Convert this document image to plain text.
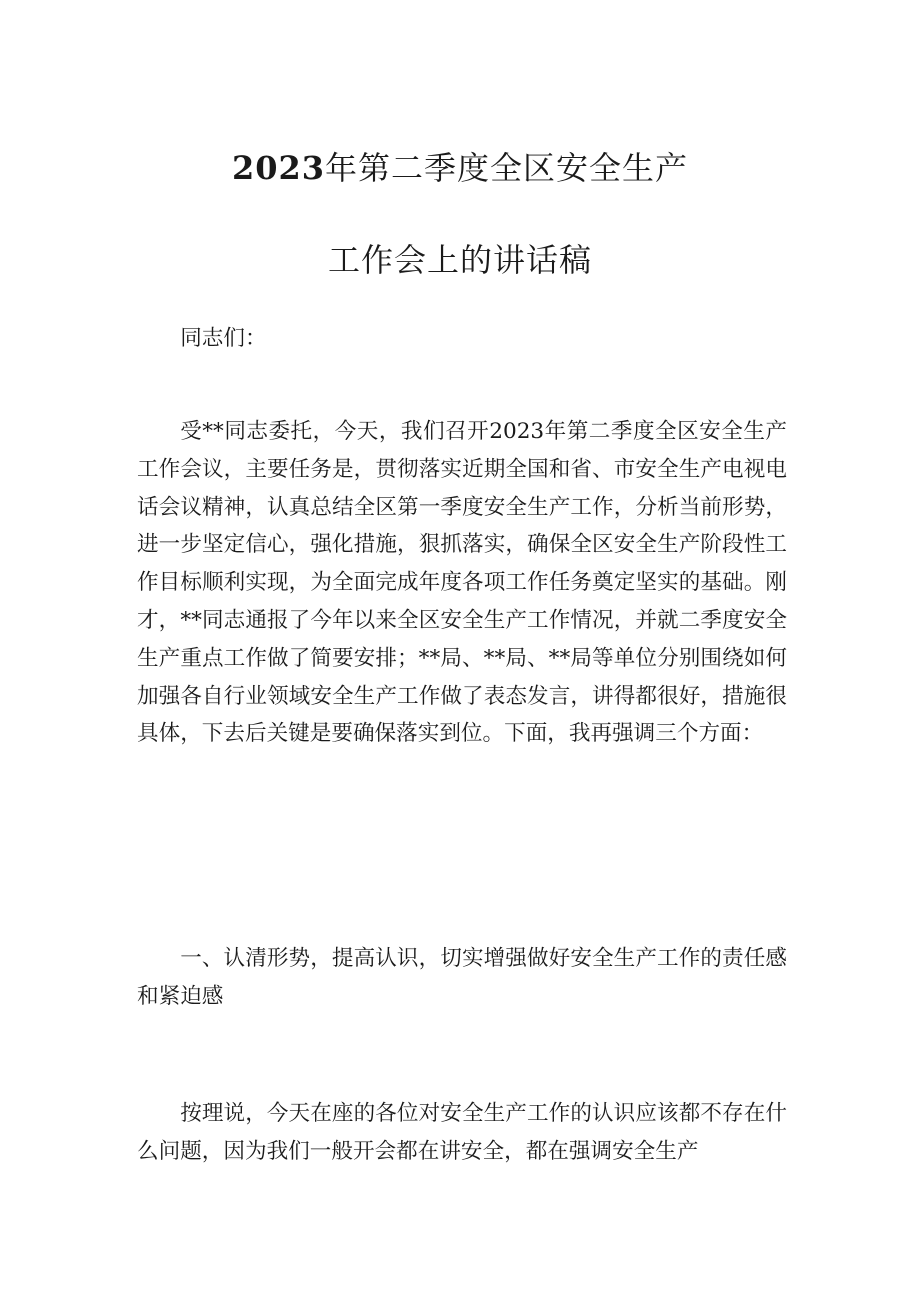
2023年第二季度全区安全生产
工作会上的讲话稿

同志们：

受**同志委托，今天，我们召开2023年第二季度全区安全生产工作会议，主要任务是，贯彻落实近期全国和省、市安全生产电视电话会议精神，认真总结全区第一季度安全生产工作，分析当前形势，进一步坚定信心，强化措施，狠抓落实，确保全区安全生产阶段性工作目标顺利实现，为全面完成年度各项工作任务奠定坚实的基础。刚才，**同志通报了今年以来全区安全生产工作情况，并就二季度安全生产重点工作做了简要安排；**局、**局、**局等单位分别围绕如何加强各自行业领域安全生产工作做了表态发言，讲得都很好，措施很具体，下去后关键是要确保落实到位。下面，我再强调三个方面：

一、认清形势，提高认识，切实增强做好安全生产工作的责任感和紧迫感

按理说，今天在座的各位对安全生产工作的认识应该都不存在什么问题，因为我们一般开会都在讲安全，都在强调安全生产
